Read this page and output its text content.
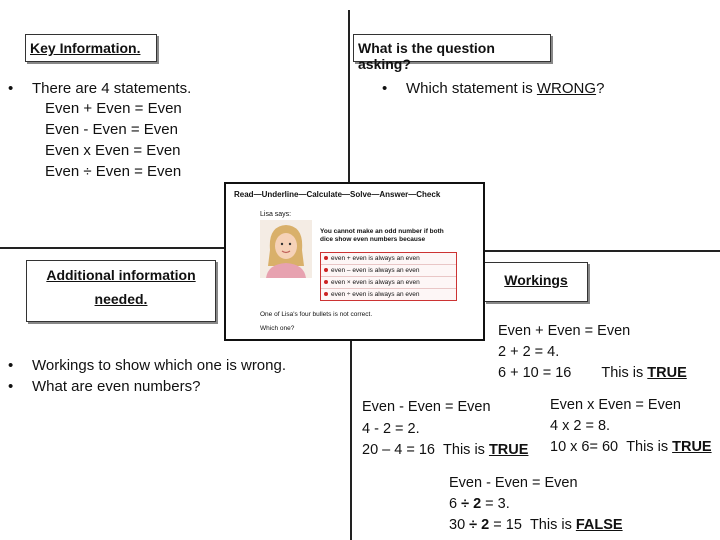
Key Information.
• There are 4 statements.
Even + Even = Even
Even - Even = Even
Even x Even = Even
Even ÷ Even = Even
What is the question asking?
• Which statement is WRONG?
Additional information
needed.
• Workings to show which one is wrong.
• What are even numbers?
Workings
Even + Even = Even
2 + 2 = 4.
6 + 10 = 16 This is TRUE
Even - Even = Even
4 - 2 = 2.
20 – 4 = 16 This is TRUE
Even x Even = Even
4 x 2 = 8.
10 x 6= 60 This is TRUE
Even - Even = Even
6 ÷ 2 = 3.
30 ÷ 2 = 15 This is FALSE
Read—Underline—Calculate—Solve—Answer—Check
Lisa says:
You cannot make an odd number if both dice show even numbers because
even + even is always an even
even – even is always an even
even × even is always an even
even ÷ even is always an even
One of Lisa's four bullets is not correct.
Which one?
